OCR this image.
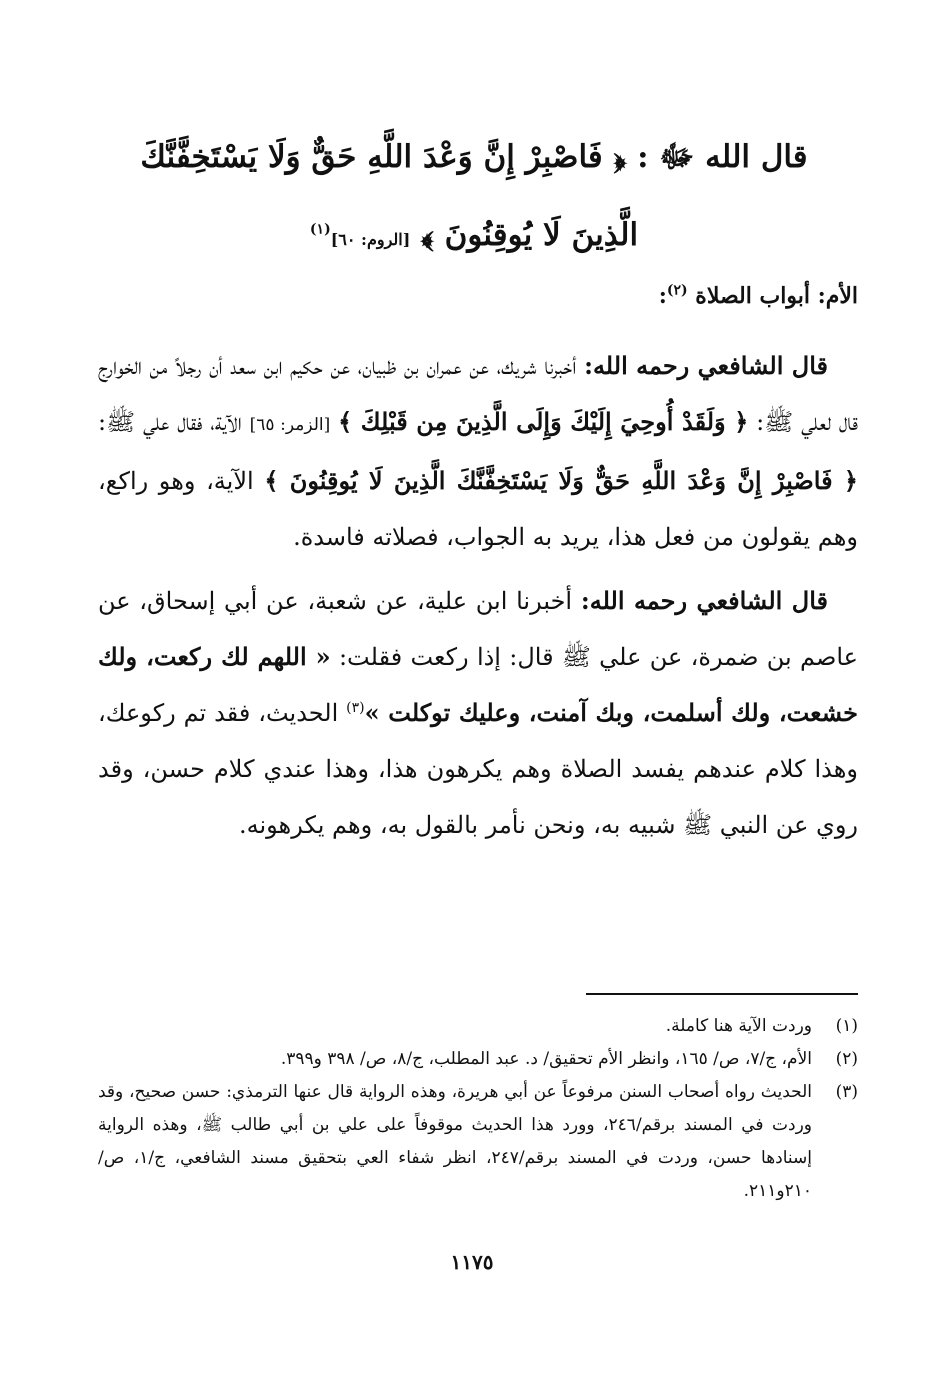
قال الله ﷻ : ﴿ فَاصْبِرْ إِنَّ وَعْدَ اللَّهِ حَقٌّ وَلَا يَسْتَخِفَّنَّكَ الَّذِينَ لَا يُوقِنُونَ ﴾ [الروم: ٦٠]$^{(١)}$
الأم: أبواب الصلاة $^{(٢)}$:

قال الشافعي رحمه الله: أخبرنا شريك، عن عمران بن ظبيان، عن حكيم ابن سعد أن رجلاً من الخوارج قال لعلي ﷺ: ﴿ وَلَقَدْ أُوحِيَ إِلَيْكَ وَإِلَى الَّذِينَ مِن قَبْلِكَ ﴾ [الزمر: ٦٥] الآية، فقال علي ﷺ: ﴿ فَاصْبِرْ إِنَّ وَعْدَ اللَّهِ حَقٌّ وَلَا يَسْتَخِفَّنَّكَ الَّذِينَ لَا يُوقِنُونَ ﴾ الآية، وهو راكع، وهم يقولون من فعل هذا، يريد به الجواب، فصلاته فاسدة.

قال الشافعي رحمه الله: أخبرنا ابن علية، عن شعبة، عن أبي إسحاق، عن عاصم بن ضمرة، عن علي ﷺ قال: إذا ركعت فقلت: « اللهم لك ركعت، ولك خشعت، ولك أسلمت، وبك آمنت، وعليك توكلت »$^{(٣)}$ الحديث، فقد تم ركوعك، وهذا كلام عندهم يفسد الصلاة وهم يكرهون هذا، وهذا عندي كلام حسن، وقد روي عن النبي ﷺ شبيه به، ونحن نأمر بالقول به، وهم يكرهونه.

(١)
وردت الآية هنا كاملة.
(٢)
الأم، ج/٧، ص/ ١٦٥، وانظر الأم تحقيق/ د. عبد المطلب، ج/٨، ص/ ٣٩٨ و٣٩٩.
(٣)
الحديث رواه أصحاب السنن مرفوعاً عن أبي هريرة، وهذه الرواية قال عنها الترمذي: حسن صحيح، وقد وردت في المسند برقم/٢٤٦، وورد هذا الحديث موقوفاً على علي بن أبي طالب ﷺ، وهذه الرواية إسنادها حسن، وردت في المسند برقم/٢٤٧، انظر شفاء العي بتحقيق مسند الشافعي، ج/١، ص/ ٢١٠و٢١١.
١١٧٥
